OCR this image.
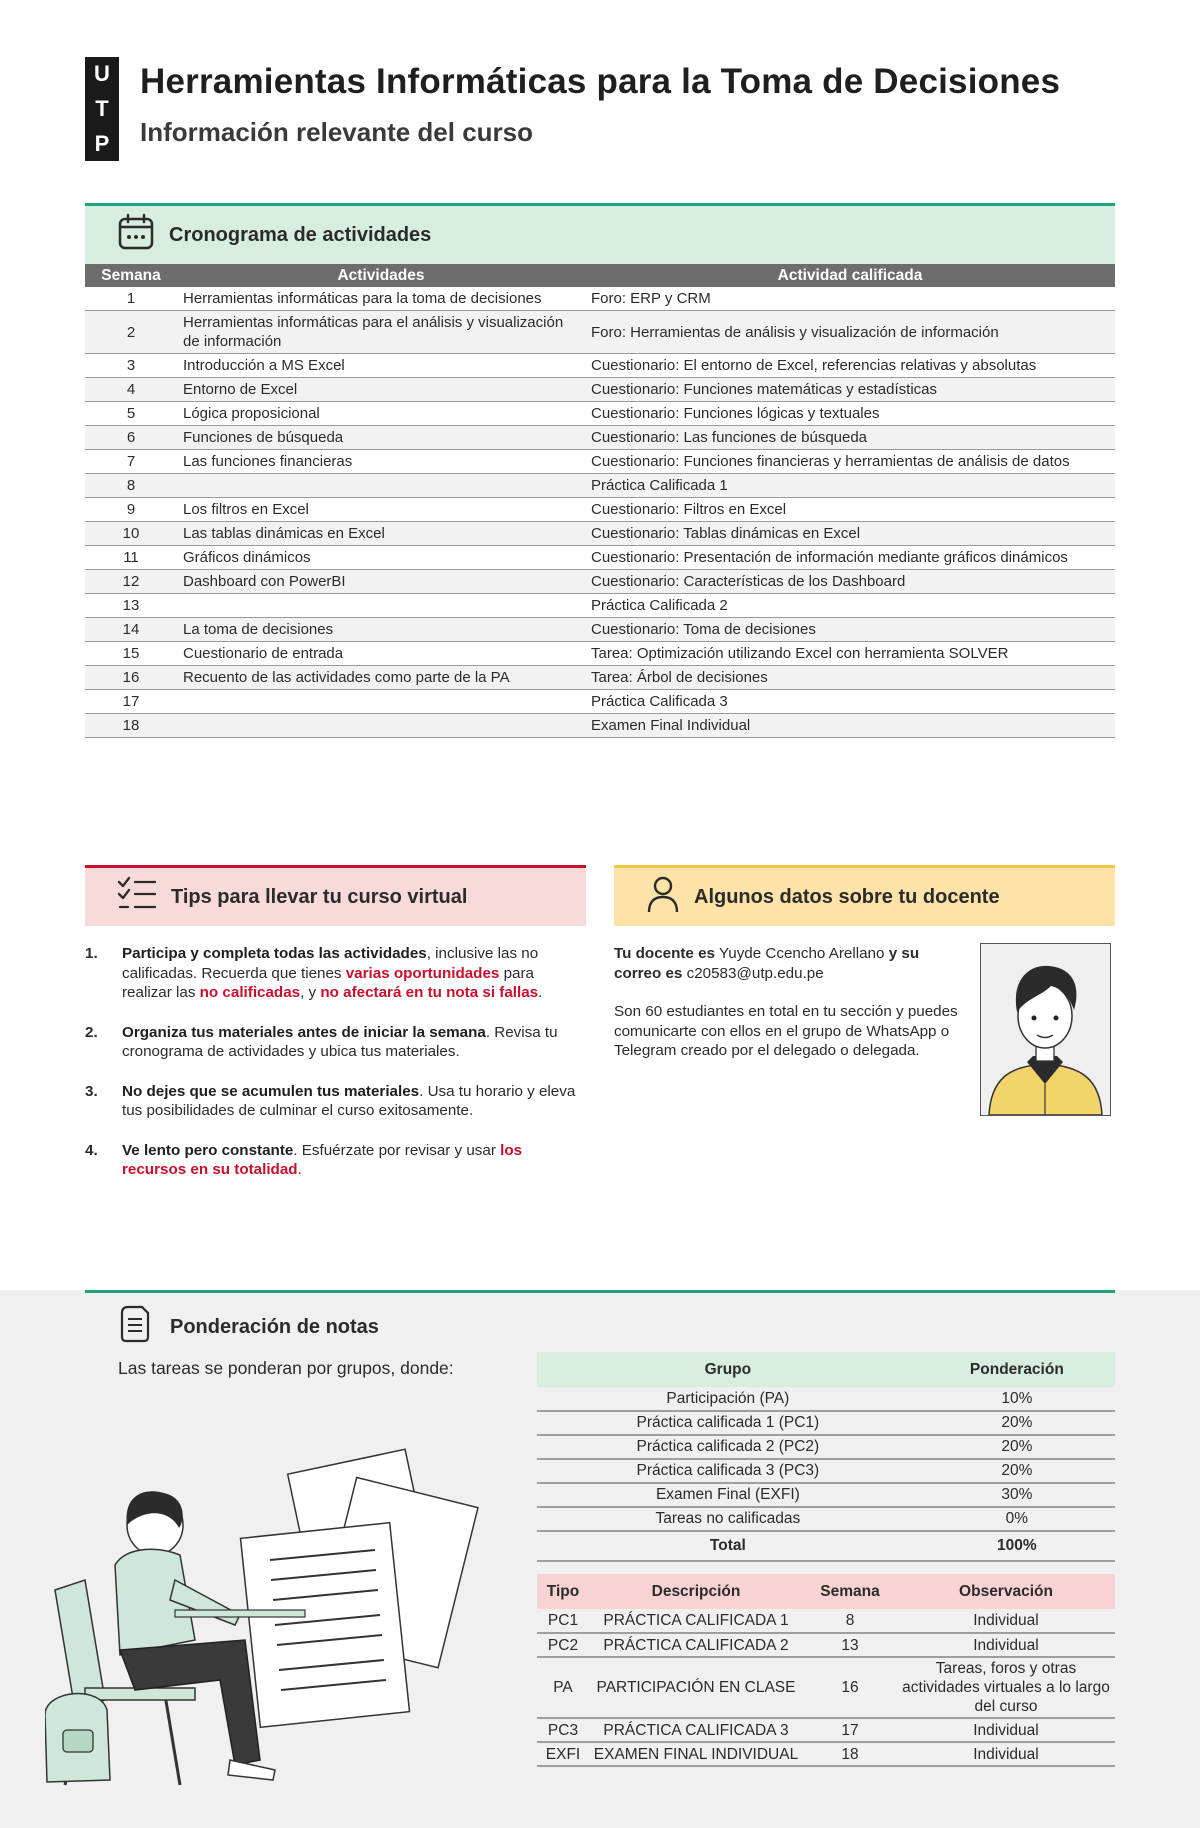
U
T
P
Herramientas Informáticas para la Toma de Decisiones
Información relevante del curso
Cronograma de actividades
Semana	Actividades	Actividad calificada
1	Herramientas informáticas para la toma de decisiones	Foro: ERP y CRM
2	Herramientas informáticas para el análisis y visualización de información	Foro: Herramientas de análisis y visualización de información
3	Introducción a MS Excel	Cuestionario: El entorno de Excel, referencias relativas y absolutas
4	Entorno de Excel	Cuestionario: Funciones matemáticas y estadísticas
5	Lógica proposicional	Cuestionario: Funciones lógicas y textuales
6	Funciones de búsqueda	Cuestionario: Las funciones de búsqueda
7	Las funciones financieras	Cuestionario: Funciones financieras y herramientas de análisis de datos
8		Práctica Calificada 1
9	Los filtros en Excel	Cuestionario: Filtros en Excel
10	Las tablas dinámicas en Excel	Cuestionario: Tablas dinámicas en Excel
11	Gráficos dinámicos	Cuestionario: Presentación de información mediante gráficos dinámicos
12	Dashboard con PowerBI	Cuestionario: Características de los Dashboard
13		Práctica Calificada 2
14	La toma de decisiones	Cuestionario: Toma de decisiones
15	Cuestionario de entrada	Tarea: Optimización utilizando Excel con herramienta SOLVER
16	Recuento de las actividades como parte de la PA	Tarea: Árbol de decisiones
17		Práctica Calificada 3
18		Examen Final Individual
Tips para llevar tu curso virtual
1.	Participa y completa todas las actividades, inclusive las no calificadas. Recuerda que tienes varias oportunidades para realizar las no calificadas, y no afectará en tu nota si fallas.
2.	Organiza tus materiales antes de iniciar la semana. Revisa tu cronograma de actividades y ubica tus materiales.
3.	No dejes que se acumulen tus materiales. Usa tu horario y eleva tus posibilidades de culminar el curso exitosamente.
4.	Ve lento pero constante. Esfuérzate por revisar y usar los recursos en su totalidad.
Algunos datos sobre tu docente

Tu docente es Yuyde Ccencho Arellano y su correo es c20583@utp.edu.pe

Son 60 estudiantes en total en tu sección y puedes comunicarte con ellos en el grupo de WhatsApp o Telegram creado por el delegado o delegada.

Ponderación de notas
Las tareas se ponderan por grupos, donde:	Grupo	Ponderación
Participación (PA)	10%
Práctica calificada 1 (PC1)	20%
Práctica calificada 2 (PC2)	20%
Práctica calificada 3 (PC3)	20%
Examen Final (EXFI)	30%
Tareas no calificadas	0%
Total	100%
Tipo	Descripción	Semana	Observación
PC1	PRÁCTICA CALIFICADA 1	8	Individual
PC2	PRÁCTICA CALIFICADA 2	13	Individual
PA	PARTICIPACIÓN EN CLASE	16	Tareas, foros y otras actividades virtuales a lo largo del curso
PC3	PRÁCTICA CALIFICADA 3	17	Individual
EXFI	EXAMEN FINAL INDIVIDUAL	18	Individual
